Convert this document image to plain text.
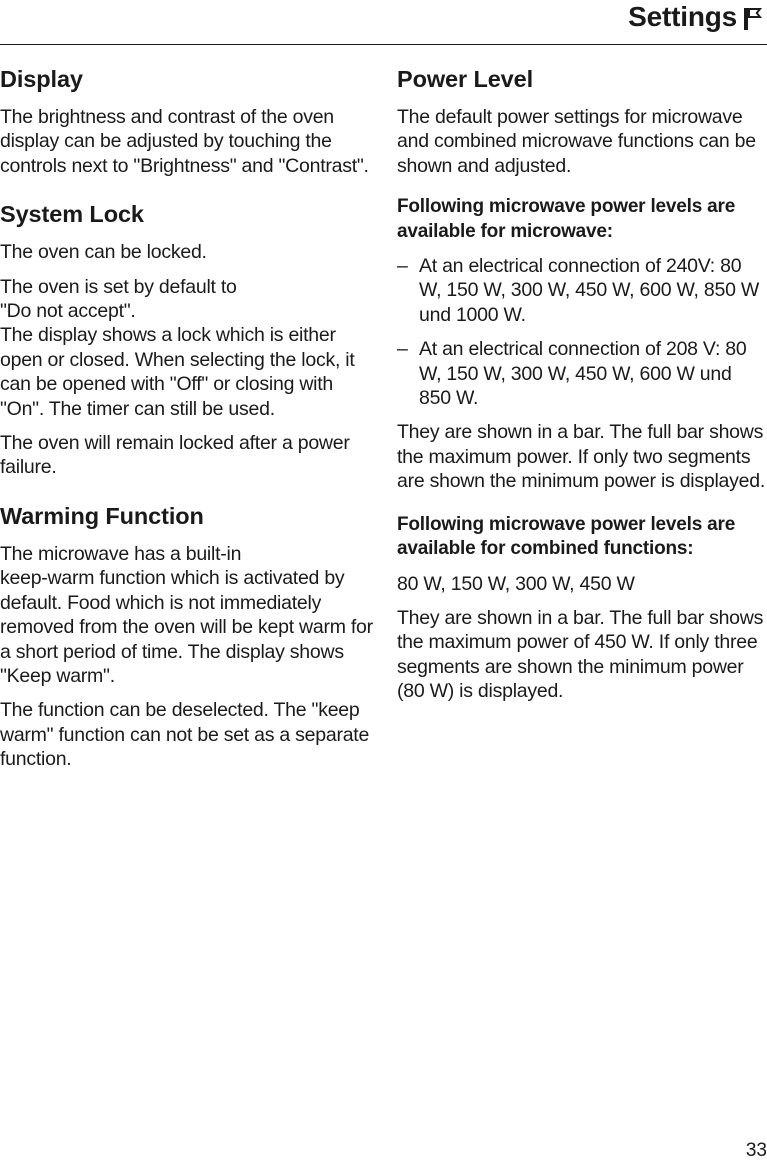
Settings
Display

The brightness and contrast of the oven display can be adjusted by touching the controls next to "Brightness" and "Contrast".

System Lock

The oven can be locked.

The oven is set by default to
"Do not accept".
The display shows a lock which is either open or closed. When selecting the lock, it can be opened with "Off" or closing with "On". The timer can still be used.

The oven will remain locked after a power failure.

Warming Function

The microwave has a built-in
keep-warm function which is activated by default. Food which is not immediately removed from the oven will be kept warm for a short period of time. The display shows "Keep warm".

The function can be deselected. The "keep warm" function can not be set as a separate function.

Power Level

The default power settings for microwave and combined microwave functions can be shown and adjusted.

Following microwave power levels are available for microwave:

– At an electrical connection of 240V: 80 W, 150 W, 300 W, 450 W, 600 W, 850 W und 1000 W.

– At an electrical connection of 208 V: 80 W, 150 W, 300 W, 450 W, 600 W und 850 W.

They are shown in a bar. The full bar shows the maximum power. If only two segments are shown the minimum power is displayed.

Following microwave power levels are available for combined functions:

80 W, 150 W, 300 W, 450 W

They are shown in a bar. The full bar shows the maximum power of 450 W. If only three segments are shown the minimum power (80 W) is displayed.

33
